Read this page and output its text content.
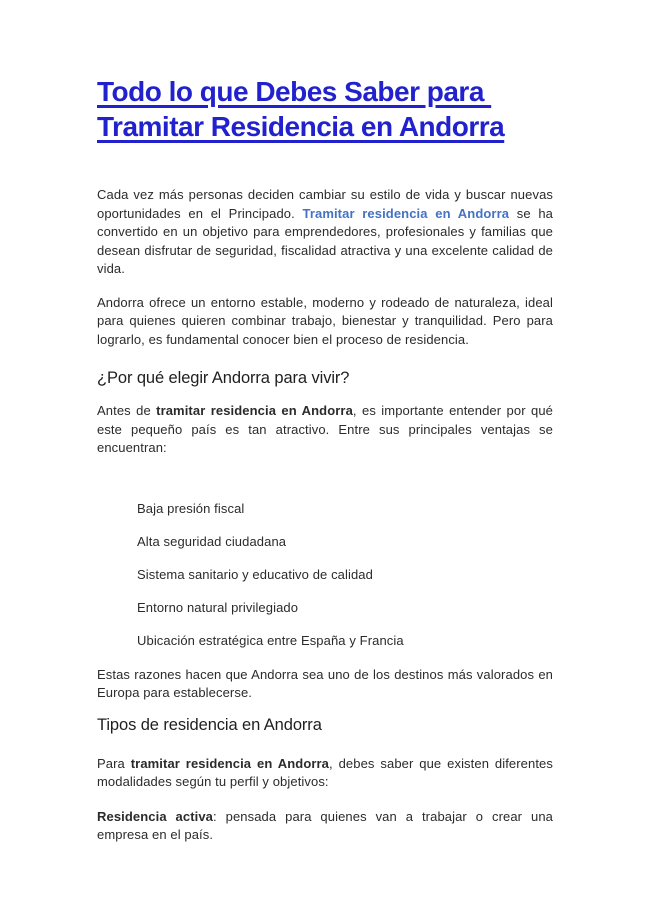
Todo lo que Debes Saber para
Tramitar Residencia en Andorra
Cada vez más personas deciden cambiar su estilo de vida y buscar nuevas oportunidades en el Principado. Tramitar residencia en Andorra se ha convertido en un objetivo para emprendedores, profesionales y familias que desean disfrutar de seguridad, fiscalidad atractiva y una excelente calidad de vida.
Andorra ofrece un entorno estable, moderno y rodeado de naturaleza, ideal para quienes quieren combinar trabajo, bienestar y tranquilidad. Pero para lograrlo, es fundamental conocer bien el proceso de residencia.
¿Por qué elegir Andorra para vivir?
Antes de tramitar residencia en Andorra, es importante entender por qué este pequeño país es tan atractivo. Entre sus principales ventajas se encuentran:
Baja presión fiscal
Alta seguridad ciudadana
Sistema sanitario y educativo de calidad
Entorno natural privilegiado
Ubicación estratégica entre España y Francia
Estas razones hacen que Andorra sea uno de los destinos más valorados en Europa para establecerse.
Tipos de residencia en Andorra
Para tramitar residencia en Andorra, debes saber que existen diferentes modalidades según tu perfil y objetivos:
Residencia activa: pensada para quienes van a trabajar o crear una empresa en el país.
